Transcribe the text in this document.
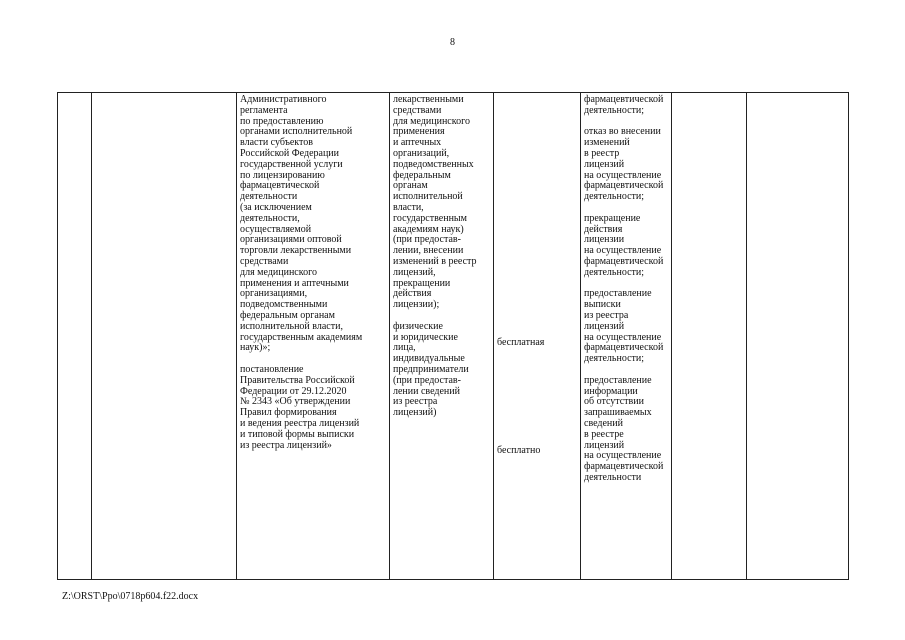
8

Административного
регламента
по предоставлению
органами исполнительной
власти субъектов
Российской Федерации
государственной услуги
по лицензированию
фармацевтической
деятельности
(за исключением
деятельности,
осуществляемой
организациями оптовой
торговли лекарственными
средствами
для медицинского
применения и аптечными
организациями,
подведомственными
федеральным органам
исполнительной власти,
государственным академиям
наук)»;
постановление
Правительства Российской
Федерации от 29.12.2020
№ 2343 «Об утверждении
Правил формирования
и ведения реестра лицензий
и типовой формы выписки
из реестра лицензий»

лекарственными
средствами
для медицинского
применения
и аптечных
организаций,
подведомственных
федеральным
органам
исполнительной
власти,
государственным
академиям наук)
(при предостав-
лении, внесении
изменений в реестр
лицензий,
прекращении
действия
лицензии);
физические
и юридические
лица,
индивидуальные
предприниматели
(при предостав-
лении сведений
из реестра
лицензий)

бесплатная
бесплатно

фармацевтической
деятельности;
отказ во внесении
изменений
в реестр
лицензий
на осуществление
фармацевтической
деятельности;
прекращение
действия
лицензии
на осуществление
фармацевтической
деятельности;
предоставление
выписки
из реестра
лицензий
на осуществление
фармацевтической
деятельности;
предоставление
информации
об отсутствии
запрашиваемых
сведений
в реестре
лицензий
на осуществление
фармацевтической
деятельности

Z:\ORST\Ppo\0718p604.f22.docx
